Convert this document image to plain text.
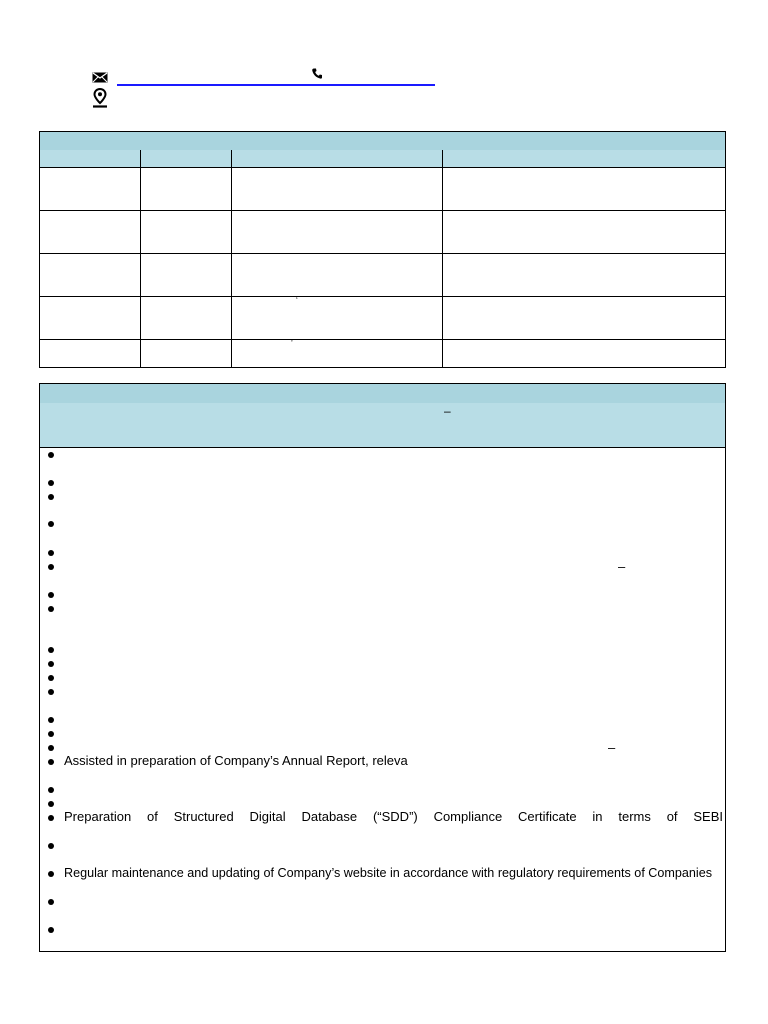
‘
’
–
–
–
Assisted in preparation of Company’s Annual Report, releva
Preparation of Structured Digital Database (“SDD”) Compliance Certificate in terms of SEBI
Regular maintenance and updating of Company’s website in accordance with regulatory requirements of Companies
